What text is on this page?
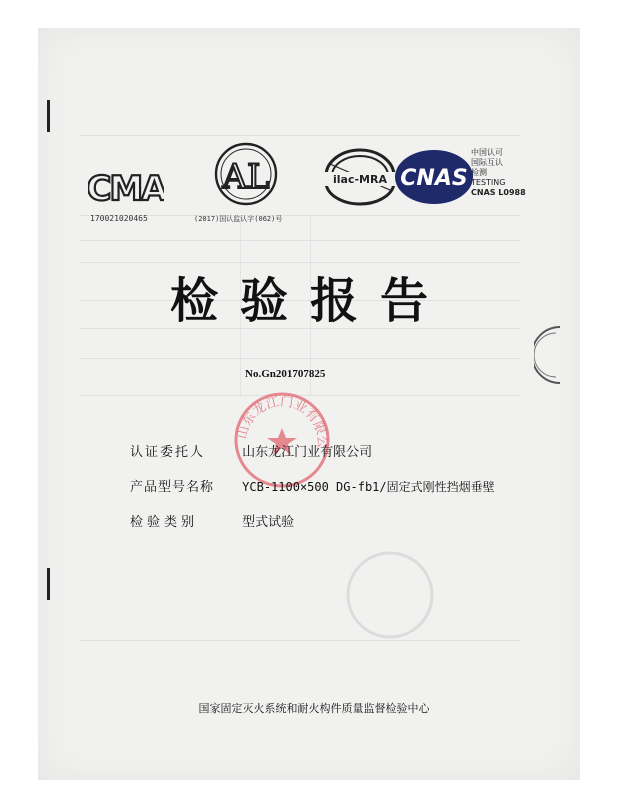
CMA
170021020465
AL
(2017)国认监认字(062)号
ilac-MRA CNAS
中国认可
国际互认
检测
TESTING
CNAS L0988
检验报告
No.Gn201707825
山东龙江门业有限公
认证委托人	山东龙江门业有限公司
产品型号名称 YCB-1100×500 DG-fb1/固定式刚性挡烟垂壁
检验类别	型式试验
国家固定灭火系统和耐火构件质量监督检验中心
